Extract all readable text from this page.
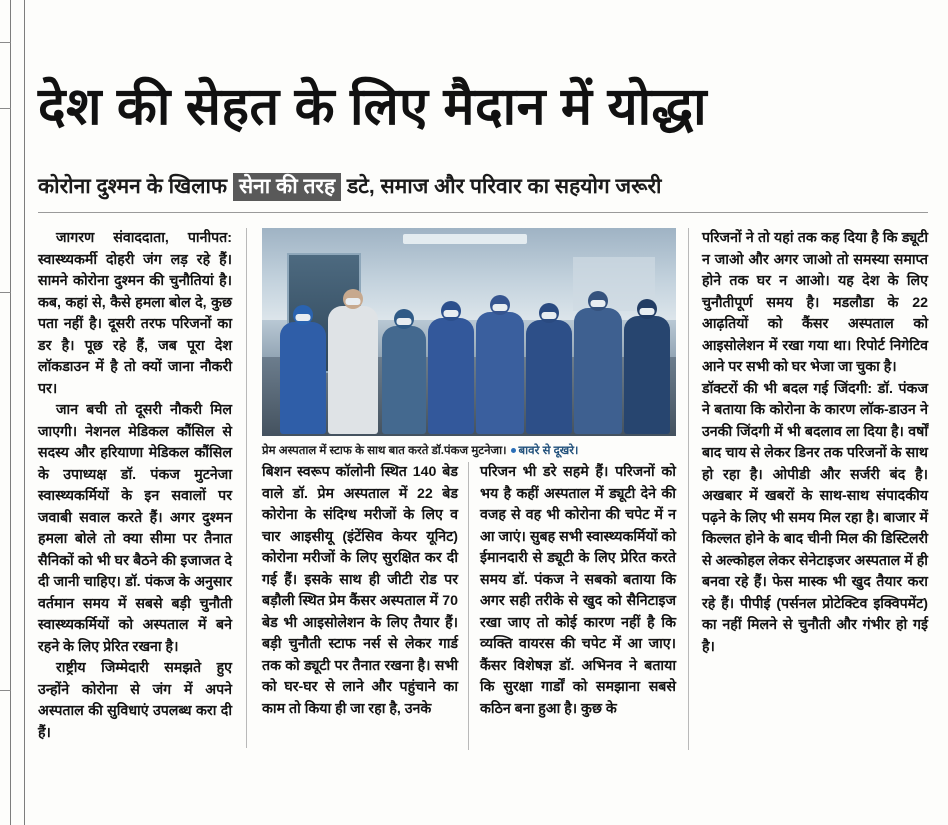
देश की सेहत के लिए मैदान में योद्धा
कोरोना दुश्मन के खिलाफ सेना की तरह डटे, समाज और परिवार का सहयोग जरूरी

जागरण संवाददाता, पानीपत: स्वास्थ्यकर्मी दोहरी जंग लड़ रहे हैं। सामने कोरोना दुश्मन की चुनौतियां है। कब, कहां से, कैसे हमला बोल दे, कुछ पता नहीं है। दूसरी तरफ परिजनों का डर है। पूछ रहे हैं, जब पूरा देश लॉकडाउन में है तो क्यों जाना नौकरी पर।

जान बची तो दूसरी नौकरी मिल जाएगी। नेशनल मेडिकल कौंसिल से सदस्य और हरियाणा मेडिकल कौंसिल के उपाध्यक्ष डॉ. पंकज मुटनेजा स्वास्थ्यकर्मियों के इन सवालों पर जवाबी सवाल करते हैं। अगर दुश्मन हमला बोले तो क्या सीमा पर तैनात सैनिकों को भी घर बैठने की इजाजत दे दी जानी चाहिए। डॉ. पंकज के अनुसार वर्तमान समय में सबसे बड़ी चुनौती स्वास्थ्यकर्मियों को अस्पताल में बने रहने के लिए प्रेरित रखना है।

राष्ट्रीय जिम्मेदारी समझते हुए उन्होंने कोरोना से जंग में अपने अस्पताल की सुविधाएं उपलब्ध करा दी हैं।

प्रेम अस्पताल में स्टाफ के साथ बात करते डॉ.पंकज मुटनेजा। बावरे से दूखरे।

बिशन स्वरूप कॉलोनी स्थित 140 बेड वाले डॉ. प्रेम अस्पताल में 22 बेड कोरोना के संदिग्ध मरीजों के लिए व चार आइसीयू (इंटेंसिव केयर यूनिट) कोरोना मरीजों के लिए सुरक्षित कर दी गई हैं। इसके साथ ही जीटी रोड पर बड़ौली स्थित प्रेम कैंसर अस्पताल में 70 बेड भी आइसोलेशन के लिए तैयार हैं। बड़ी चुनौती स्टाफ नर्स से लेकर गार्ड तक को ड्यूटी पर तैनात रखना है। सभी को घर-घर से लाने और पहुंचाने का काम तो किया ही जा रहा है, उनके

परिजन भी डरे सहमे हैं। परिजनों को भय है कहीं अस्पताल में ड्यूटी देने की वजह से वह भी कोरोना की चपेट में न आ जाएं। सुबह सभी स्वास्थ्यकर्मियों को ईमानदारी से ड्यूटी के लिए प्रेरित करते समय डॉ. पंकज ने सबको बताया कि अगर सही तरीके से खुद को सैनिटाइज रखा जाए तो कोई कारण नहीं है कि व्यक्ति वायरस की चपेट में आ जाए। कैंसर विशेषज्ञ डॉ. अभिनव ने बताया कि सुरक्षा गार्डों को समझाना सबसे कठिन बना हुआ है। कुछ के

परिजनों ने तो यहां तक कह दिया है कि ड्यूटी न जाओ और अगर जाओ तो समस्या समाप्त होने तक घर न आओ। यह देश के लिए चुनौतीपूर्ण समय है। मडलौडा के 22 आढ़तियों को कैंसर अस्पताल को आइसोलेशन में रखा गया था। रिपोर्ट निगेटिव आने पर सभी को घर भेजा जा चुका है।

डॉक्टरों की भी बदल गई जिंदगी: डॉ. पंकज ने बताया कि कोरोना के कारण लॉक-डाउन ने उनकी जिंदगी में भी बदलाव ला दिया है। वर्षों बाद चाय से लेकर डिनर तक परिजनों के साथ हो रहा है। ओपीडी और सर्जरी बंद है। अखबार में खबरों के साथ-साथ संपादकीय पढ़ने के लिए भी समय मिल रहा है। बाजार में किल्लत होने के बाद चीनी मिल की डिस्टिलरी से अल्कोहल लेकर सेनेटाइजर अस्पताल में ही बनवा रहे हैं। फेस मास्क भी खुद तैयार करा रहे हैं। पीपीई (पर्सनल प्रोटेक्टिव इक्विपमेंट) का नहीं मिलने से चुनौती और गंभीर हो गई है।
